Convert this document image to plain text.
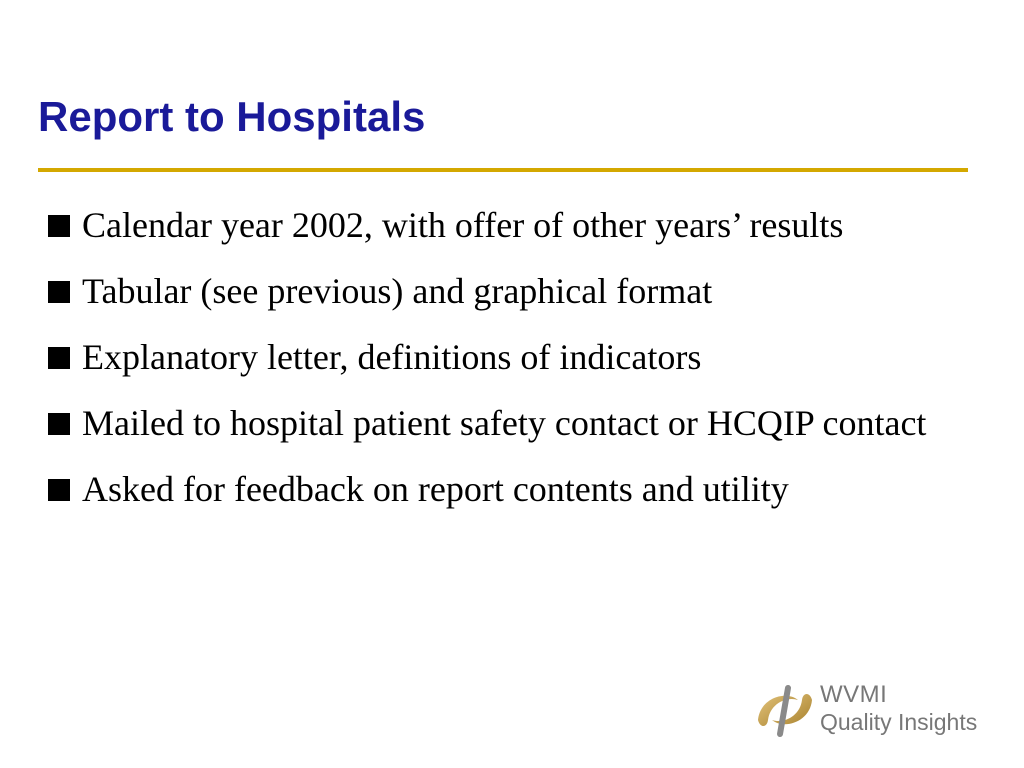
Report to Hospitals
Calendar year 2002, with offer of other years’ results
Tabular (see previous) and graphical format
Explanatory letter, definitions of indicators
Mailed to hospital patient safety contact or HCQIP contact
Asked for feedback on report contents and utility
WVMI
Quality Insights
